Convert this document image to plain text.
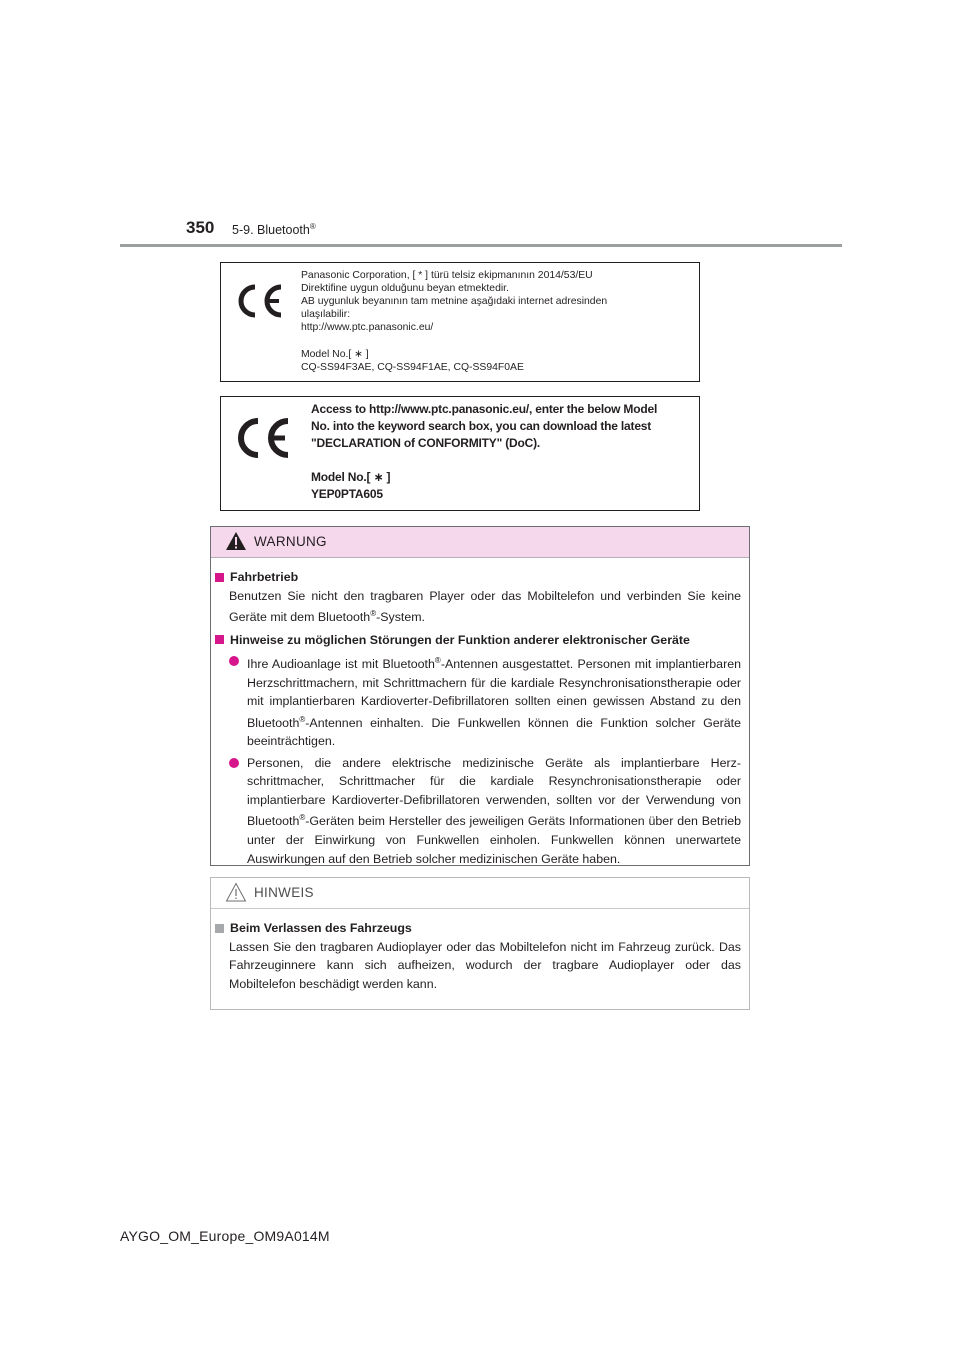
350 5-9. Bluetooth®
Panasonic Corporation, [ * ] türü telsiz ekipmanının 2014/53/EU
Direktifine uygun olduğunu beyan etmektedir.
AB uygunluk beyanının tam metnine aşağıdaki internet adresinden
ulaşılabilir:
http://www.ptc.panasonic.eu/

Model No.[ ∗ ]
CQ-SS94F3AE, CQ-SS94F1AE, CQ-SS94F0AE
Access to http://www.ptc.panasonic.eu/, enter the below Model
No. into the keyword search box, you can download the latest
"DECLARATION of CONFORMITY" (DoC).

Model No.[ ∗ ]
YEP0PTA605
WARNUNG
Fahrbetrieb
Benutzen Sie nicht den tragbaren Player oder das Mobiltelefon und verbinden Sie keine Geräte mit dem Bluetooth®-System.
Hinweise zu möglichen Störungen der Funktion anderer elektronischer Geräte
Ihre Audioanlage ist mit Bluetooth®-Antennen ausgestattet. Personen mit implantierbaren Herzschrittmachern, mit Schrittmachern für die kardiale Resynchronisationstherapie oder mit implantierbaren Kardioverter-Defibrillatoren sollten einen gewissen Abstand zu den Bluetooth®-Antennen einhalten. Die Funkwellen können die Funktion solcher Geräte beeinträchtigen.
Personen, die andere elektrische medizinische Geräte als implantierbare Herzschrittmacher, Schrittmacher für die kardiale Resynchronisationstherapie oder implantierbare Kardioverter-Defibrillatoren verwenden, sollten vor der Verwendung von Bluetooth®-Geräten beim Hersteller des jeweiligen Geräts Informationen über den Betrieb unter der Einwirkung von Funkwellen einholen. Funkwellen können unerwartete Auswirkungen auf den Betrieb solcher medizinischen Geräte haben.
HINWEIS
Beim Verlassen des Fahrzeugs
Lassen Sie den tragbaren Audioplayer oder das Mobiltelefon nicht im Fahrzeug zurück. Das Fahrzeuginnere kann sich aufheizen, wodurch der tragbare Audioplayer oder das Mobiltelefon beschädigt werden kann.
AYGO_OM_Europe_OM9A014M
